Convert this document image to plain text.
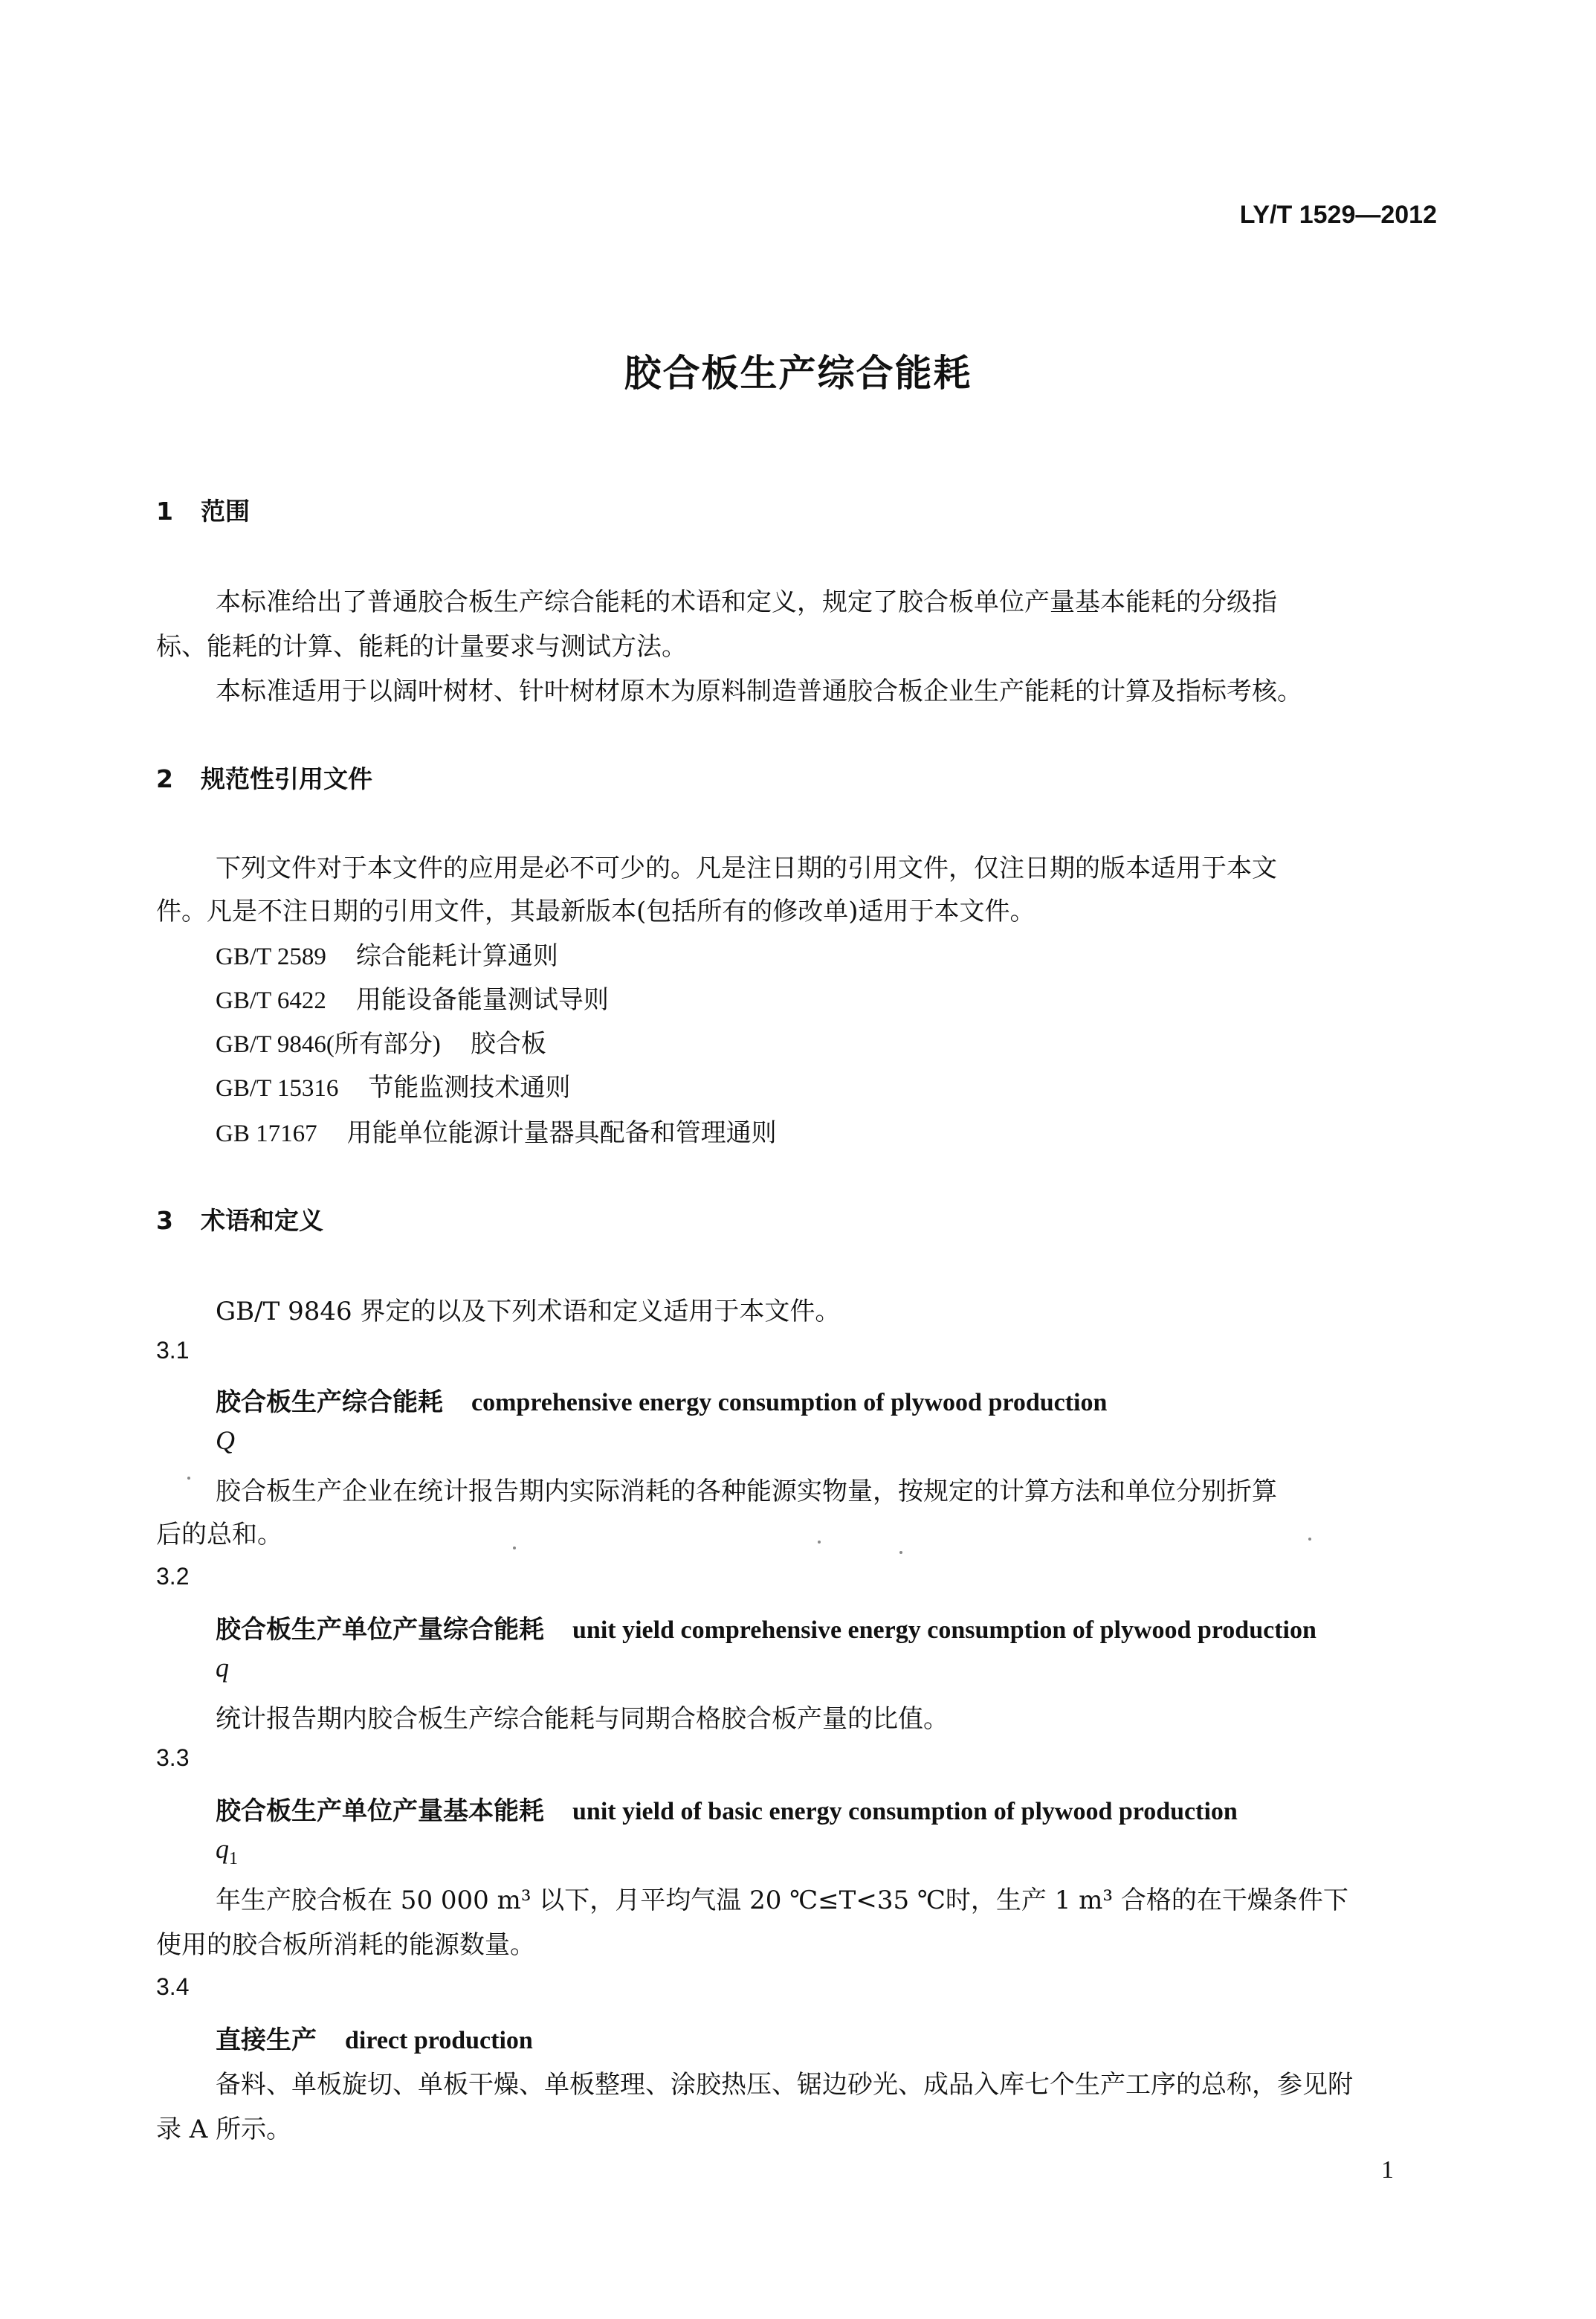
LY/T 1529—2012
胶合板生产综合能耗
1 范围
本标准给出了普通胶合板生产综合能耗的术语和定义，规定了胶合板单位产量基本能耗的分级指
标、能耗的计算、能耗的计量要求与测试方法。
本标准适用于以阔叶树材、针叶树材原木为原料制造普通胶合板企业生产能耗的计算及指标考核。
2 规范性引用文件
下列文件对于本文件的应用是必不可少的。凡是注日期的引用文件，仅注日期的版本适用于本文
件。凡是不注日期的引用文件，其最新版本(包括所有的修改单)适用于本文件。
GB/T 2589 综合能耗计算通则
GB/T 6422 用能设备能量测试导则
GB/T 9846(所有部分) 胶合板
GB/T 15316 节能监测技术通则
GB 17167 用能单位能源计量器具配备和管理通则
3 术语和定义
GB/T 9846 界定的以及下列术语和定义适用于本文件。
3.1
胶合板生产综合能耗 comprehensive energy consumption of plywood production
Q
胶合板生产企业在统计报告期内实际消耗的各种能源实物量，按规定的计算方法和单位分别折算
后的总和。
3.2
胶合板生产单位产量综合能耗 unit yield comprehensive energy consumption of plywood production
q
统计报告期内胶合板生产综合能耗与同期合格胶合板产量的比值。
3.3
胶合板生产单位产量基本能耗 unit yield of basic energy consumption of plywood production
$q_1$
年生产胶合板在 50 000 m³ 以下，月平均气温 20 ℃≤T<35 ℃时，生产 1 m³ 合格的在干燥条件下
使用的胶合板所消耗的能源数量。
3.4
直接生产 direct production
备料、单板旋切、单板干燥、单板整理、涂胶热压、锯边砂光、成品入库七个生产工序的总称，参见附
录 A 所示。
1
